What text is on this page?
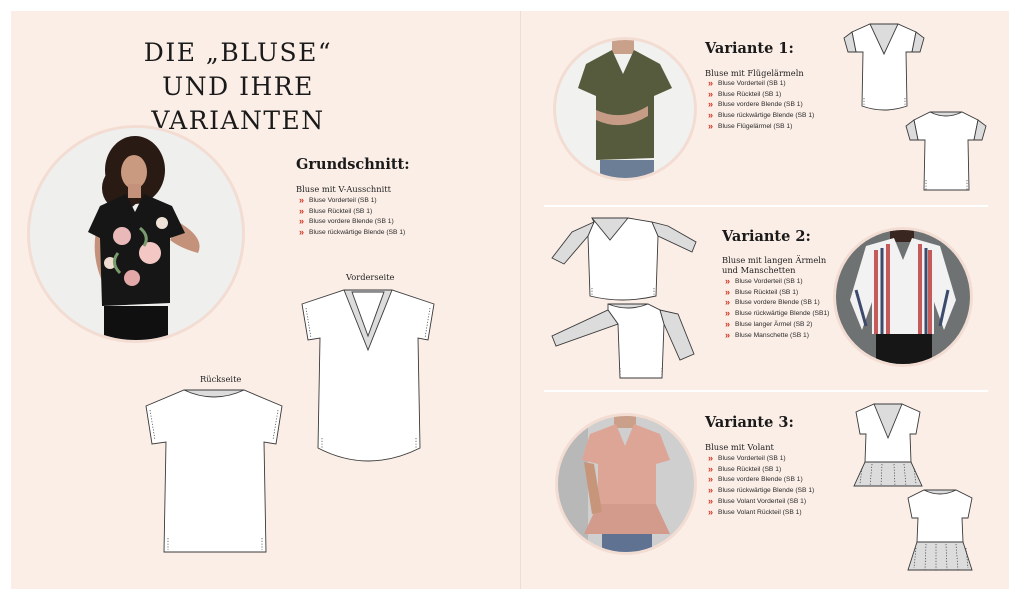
DIE „BLUSE“
UND IHRE VARIANTEN
Grundschnitt:
Bluse mit V-Ausschnitt
» Bluse Vorderteil (SB 1)
» Bluse Rückteil (SB 1)
» Bluse vordere Blende (SB 1)
» Bluse rückwärtige Blende (SB 1)
Vorderseite
Rückseite
Variante 1:
Bluse mit Flügelärmeln
» Bluse Vorderteil (SB 1)
» Bluse Rückteil (SB 1)
» Bluse vordere Blende (SB 1)
» Bluse rückwärtige Blende (SB 1)
» Bluse Flügelärmel (SB 1)
Variante 2:
Bluse mit langen Ärmeln
und Manschetten
» Bluse Vorderteil (SB 1)
» Bluse Rückteil (SB 1)
» Bluse vordere Blende (SB 1)
» Bluse rückwärtige Blende (SB1)
» Bluse langer Ärmel (SB 2)
» Bluse Manschette (SB 1)
Variante 3:
Bluse mit Volant
» Bluse Vorderteil (SB 1)
» Bluse Rückteil (SB 1)
» Bluse vordere Blende (SB 1)
» Bluse rückwärtige Blende (SB 1)
» Bluse Volant Vorderteil (SB 1)
» Bluse Volant Rückteil (SB 1)
